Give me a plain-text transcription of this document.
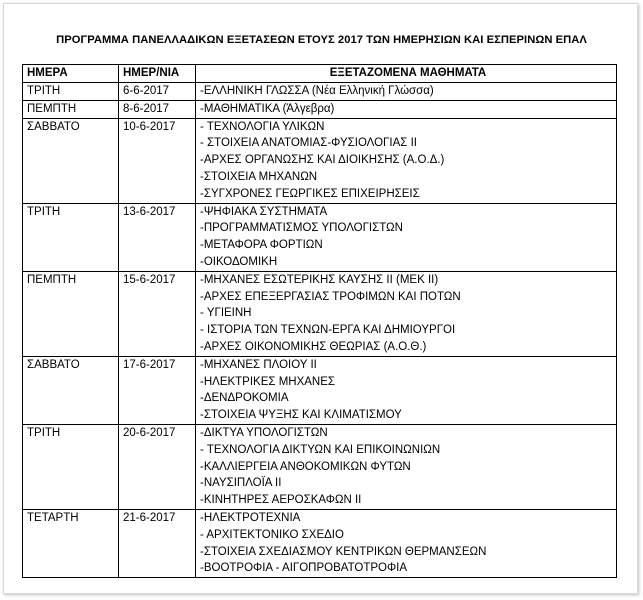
ΠΡΟΓΡΑΜΜΑ ΠΑΝΕΛΛΑΔΙΚΩΝ ΕΞΕΤΑΣΕΩΝ ΕΤΟΥΣ 2017 ΤΩΝ ΗΜΕΡΗΣΙΩΝ ΚΑΙ ΕΣΠΕΡΙΝΩΝ ΕΠΑΛ
ΗΜΕΡΑ	ΗΜΕΡ/ΝΙΑ	ΕΞΕΤΑΖΟΜΕΝΑ ΜΑΘΗΜΑΤΑ

ΤΡΙΤΗ	6-6-2017	-ΕΛΛΗΝΙΚΗ ΓΛΩΣΣΑ (Νέα Ελληνική Γλώσσα)

ΠΕΜΠΤΗ	8-6-2017	-ΜΑΘΗΜΑΤΙΚΑ (Άλγεβρα)

ΣΑΒΒΑΤΟ	10-6-2017	- ΤΕΧΝΟΛΟΓΙΑ ΥΛΙΚΩΝ
- ΣΤΟΙΧΕΙΑ ΑΝΑΤΟΜΙΑΣ-ΦΥΣΙΟΛΟΓΙΑΣ ΙΙ
-ΑΡΧΕΣ ΟΡΓΑΝΩΣΗΣ ΚΑΙ ΔΙΟΙΚΗΣΗΣ (Α.Ο.Δ.)
-ΣΤΟΙΧΕΙΑ ΜΗΧΑΝΩΝ
-ΣΥΓΧΡΟΝΕΣ ΓΕΩΡΓΙΚΕΣ ΕΠΙΧΕΙΡΗΣΕΙΣ

ΤΡΙΤΗ	13-6-2017	-ΨΗΦΙΑΚΑ ΣΥΣΤΗΜΑΤΑ
-ΠΡΟΓΡΑΜΜΑΤΙΣΜΟΣ ΥΠΟΛΟΓΙΣΤΩΝ
-ΜΕΤΑΦΟΡΑ ΦΟΡΤΙΩΝ
-ΟΙΚΟΔΟΜΙΚΗ

ΠΕΜΠΤΗ	15-6-2017	-ΜΗΧΑΝΕΣ ΕΣΩΤΕΡΙΚΗΣ ΚΑΥΣΗΣ ΙΙ (ΜΕΚ ΙΙ)
-ΑΡΧΕΣ ΕΠΕΞΕΡΓΑΣΙΑΣ ΤΡΟΦΙΜΩΝ ΚΑΙ ΠΟΤΩΝ
- ΥΓΙΕΙΝΗ
- ΙΣΤΟΡΙΑ ΤΩΝ ΤΕΧΝΩΝ-ΕΡΓΑ ΚΑΙ ΔΗΜΙΟΥΡΓΟΙ
-ΑΡΧΕΣ ΟΙΚΟΝΟΜΙΚΗΣ ΘΕΩΡΙΑΣ (Α.Ο.Θ.)

ΣΑΒΒΑΤΟ	17-6-2017	-ΜΗΧΑΝΕΣ ΠΛΟΙΟΥ ΙΙ
-ΗΛΕΚΤΡΙΚΕΣ ΜΗΧΑΝΕΣ
-ΔΕΝΔΡΟΚΟΜΙΑ
-ΣΤΟΙΧΕΙΑ ΨΥΞΗΣ ΚΑΙ ΚΛΙΜΑΤΙΣΜΟΥ

ΤΡΙΤΗ	20-6-2017	-ΔΙΚΤΥΑ ΥΠΟΛΟΓΙΣΤΩΝ
- ΤΕΧΝΟΛΟΓΙΑ ΔΙΚΤΥΩΝ ΚΑΙ ΕΠΙΚΟΙΝΩΝΙΩΝ
-ΚΑΛΛΙΕΡΓΕΙΑ ΑΝΘΟΚΟΜΙΚΩΝ ΦΥΤΩΝ
-ΝΑΥΣΙΠΛΟΪΑ ΙΙ
-ΚΙΝΗΤΗΡΕΣ ΑΕΡΟΣΚΑΦΩΝ ΙΙ

ΤΕΤΑΡΤΗ	21-6-2017	-ΗΛΕΚΤΡΟΤΕΧΝΙΑ
- ΑΡΧΙΤΕΚΤΟΝΙΚΟ ΣΧΕΔΙΟ
-ΣΤΟΙΧΕΙΑ ΣΧΕΔΙΑΣΜΟΥ ΚΕΝΤΡΙΚΩΝ ΘΕΡΜΑΝΣΕΩΝ
-ΒΟΟΤΡΟΦΙΑ - ΑΙΓΟΠΡΟΒΑΤΟΤΡΟΦΙΑ
